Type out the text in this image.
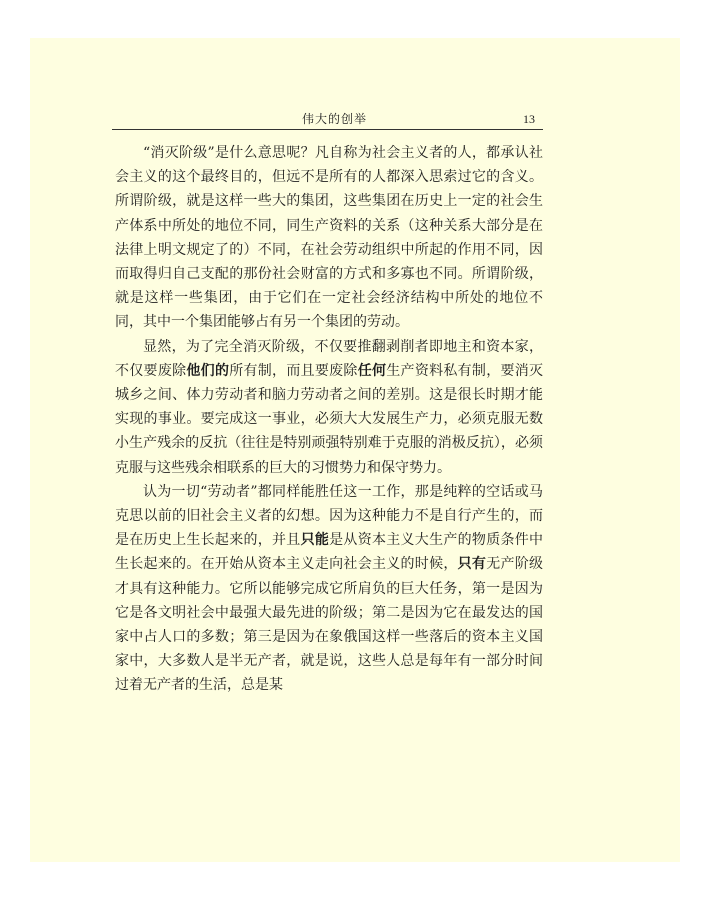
伟大的创举	13

“消灭阶级”是什么意思呢？凡自称为社会主义者的人，都承认社会主义的这个最终目的，但远不是所有的人都深入思索过它的含义。所谓阶级，就是这样一些大的集团，这些集团在历史上一定的社会生产体系中所处的地位不同，同生产资料的关系（这种关系大部分是在法律上明文规定了的）不同，在社会劳动组织中所起的作用不同，因而取得归自己支配的那份社会财富的方式和多寡也不同。所谓阶级，就是这样一些集团，由于它们在一定社会经济结构中所处的地位不同，其中一个集团能够占有另一个集团的劳动。

显然，为了完全消灭阶级，不仅要推翻剥削者即地主和资本家，不仅要废除他们的所有制，而且要废除任何生产资料私有制，要消灭城乡之间、体力劳动者和脑力劳动者之间的差别。这是很长时期才能实现的事业。要完成这一事业，必须大大发展生产力，必须克服无数小生产残余的反抗（往往是特别顽强特别难于克服的消极反抗），必须克服与这些残余相联系的巨大的习惯势力和保守势力。

认为一切“劳动者”都同样能胜任这一工作，那是纯粹的空话或马克思以前的旧社会主义者的幻想。因为这种能力不是自行产生的，而是在历史上生长起来的，并且只能是从资本主义大生产的物质条件中生长起来的。在开始从资本主义走向社会主义的时候，只有无产阶级才具有这种能力。它所以能够完成它所肩负的巨大任务，第一是因为它是各文明社会中最强大最先进的阶级；第二是因为它在最发达的国家中占人口的多数；第三是因为在象俄国这样一些落后的资本主义国家中，大多数人是半无产者，就是说，这些人总是每年有一部分时间过着无产者的生活，总是某
